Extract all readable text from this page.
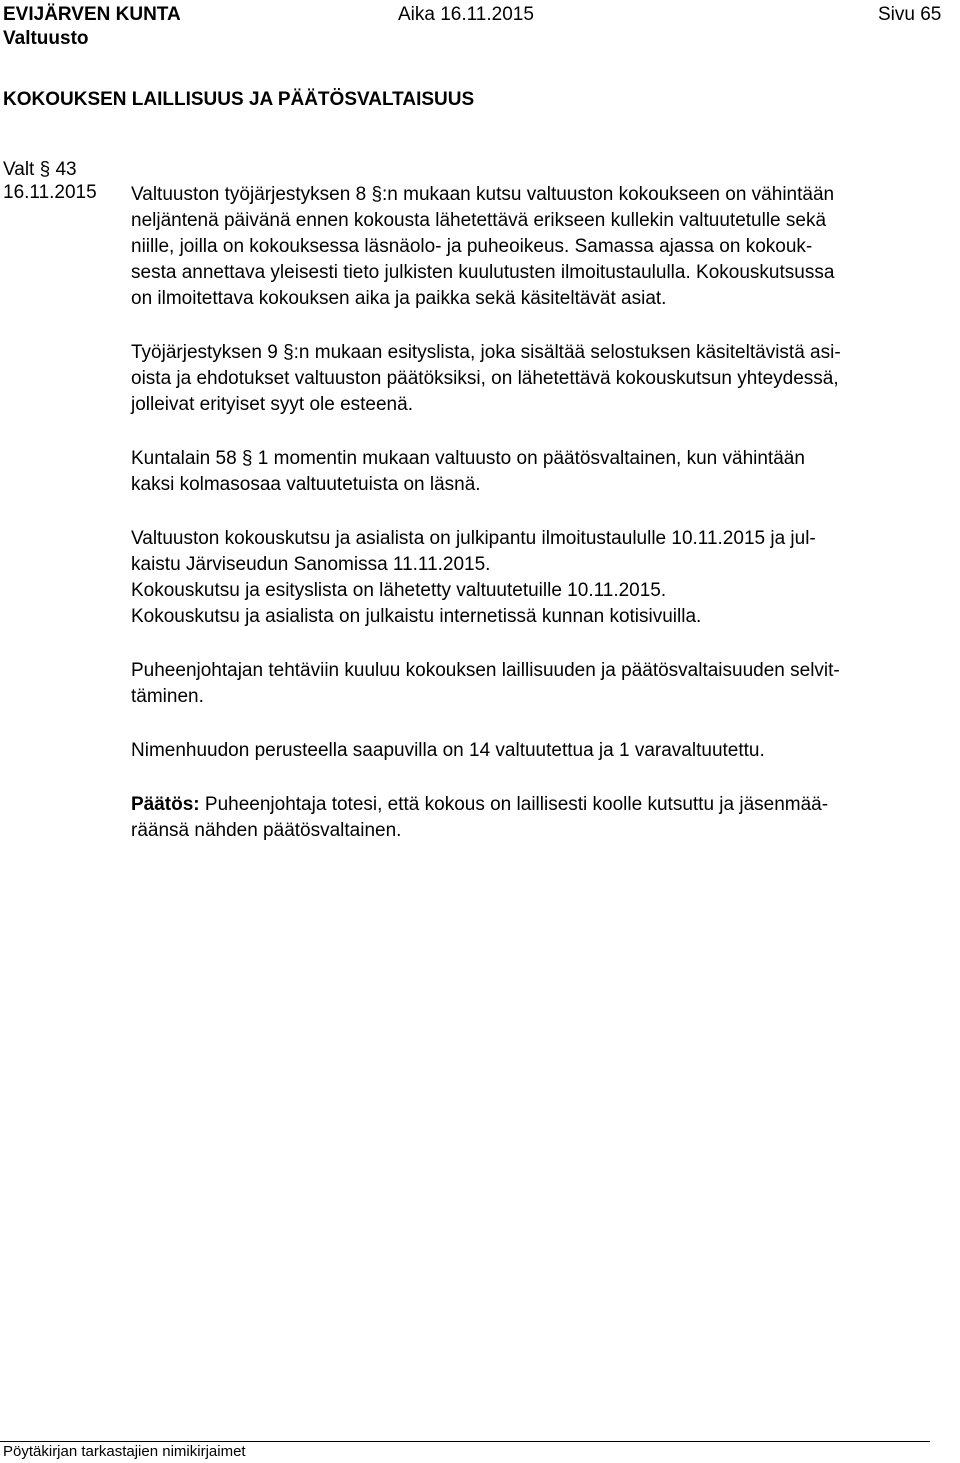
EVIJÄRVEN KUNTA
Valtuusto
Aika 16.11.2015	Sivu 65
KOKOUKSEN LAILLISUUS JA PÄÄTÖSVALTAISUUS
Valt § 43
16.11.2015 Valtuuston työjärjestyksen 8 §:n mukaan kutsu valtuuston kokoukseen on vähintään
neljäntenä päivänä ennen kokousta lähetettävä erikseen kullekin valtuutetulle sekä
niille, joilla on kokouksessa läsnäolo- ja puheoikeus. Samassa ajassa on kokouk-
sesta annettava yleisesti tieto julkisten kuulutusten ilmoitustaululla. Kokouskutsussa
on ilmoitettava kokouksen aika ja paikka sekä käsiteltävät asiat.

Työjärjestyksen 9 §:n mukaan esityslista, joka sisältää selostuksen käsiteltävistä asi-
oista ja ehdotukset valtuuston päätöksiksi, on lähetettävä kokouskutsun yhteydessä,
jolleivat erityiset syyt ole esteenä.

Kuntalain 58 § 1 momentin mukaan valtuusto on päätösvaltainen, kun vähintään
kaksi kolmasosaa valtuutetuista on läsnä.

Valtuuston kokouskutsu ja asialista on julkipantu ilmoitustaululle 10.11.2015 ja jul-
kaistu Järviseudun Sanomissa 11.11.2015.
Kokouskutsu ja esityslista on lähetetty valtuutetuille 10.11.2015.
Kokouskutsu ja asialista on julkaistu internetissä kunnan kotisivuilla.

Puheenjohtajan tehtäviin kuuluu kokouksen laillisuuden ja päätösvaltaisuuden selvit-
täminen.

Nimenhuudon perusteella saapuvilla on 14 valtuutettua ja 1 varavaltuutettu.

Päätös: Puheenjohtaja totesi, että kokous on laillisesti koolle kutsuttu ja jäsenmää-
räänsä nähden päätösvaltainen.

Pöytäkirjan tarkastajien nimikirjaimet
